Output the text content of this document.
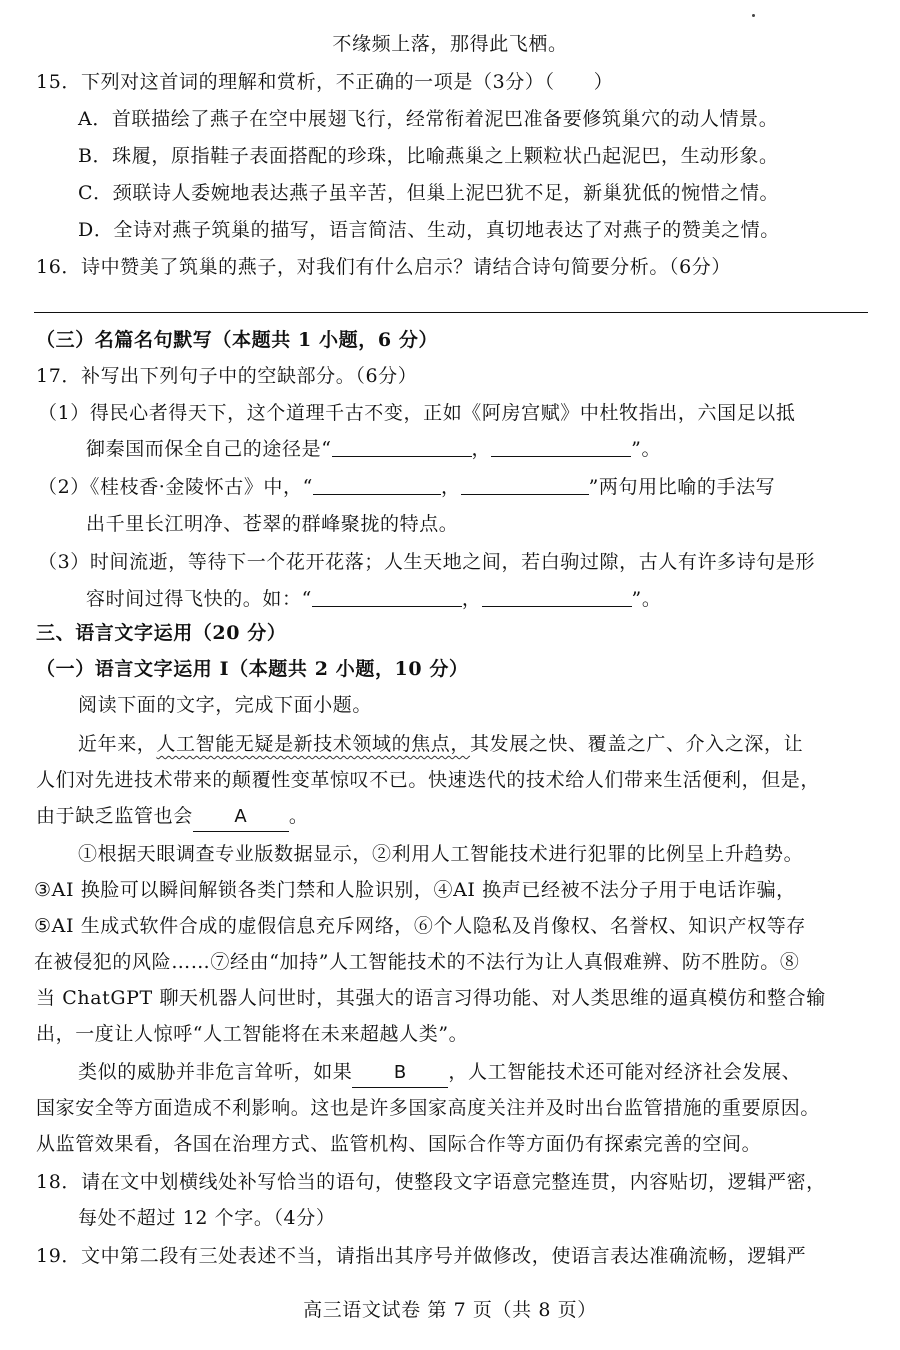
不缘频上落，那得此飞栖。
15．下列对这首词的理解和赏析，不正确的一项是（3分）（　　）
A．首联描绘了燕子在空中展翅飞行，经常衔着泥巴准备要修筑巢穴的动人情景。
B．珠履，原指鞋子表面搭配的珍珠，比喻燕巢之上颗粒状凸起泥巴，生动形象。
C．颈联诗人委婉地表达燕子虽辛苦，但巢上泥巴犹不足，新巢犹低的惋惜之情。
D．全诗对燕子筑巢的描写，语言简洁、生动，真切地表达了对燕子的赞美之情。
16．诗中赞美了筑巢的燕子，对我们有什么启示？请结合诗句简要分析。（6分）
（三）名篇名句默写（本题共 1 小题，6 分）
17．补写出下列句子中的空缺部分。（6分）
（1）得民心者得天下，这个道理千古不变，正如《阿房宫赋》中杜牧指出，六国足以抵
御秦国而保全自己的途径是“	，	”。
（2）《桂枝香·金陵怀古》中，“	，	”两句用比喻的手法写
出千里长江明净、苍翠的群峰聚拢的特点。
（3）时间流逝，等待下一个花开花落；人生天地之间，若白驹过隙，古人有许多诗句是形
容时间过得飞快的。如：“	，	”。
三、语言文字运用（20 分）
（一）语言文字运用 I（本题共 2 小题，10 分）
阅读下面的文字，完成下面小题。
近年来，人工智能无疑是新技术领域的焦点，其发展之快、覆盖之广、介入之深，让
人们对先进技术带来的颠覆性变革惊叹不已。快速迭代的技术给人们带来生活便利，但是，
由于缺乏监管也会 A 。
①根据天眼调查专业版数据显示，②利用人工智能技术进行犯罪的比例呈上升趋势。
③AI 换脸可以瞬间解锁各类门禁和人脸识别，④AI 换声已经被不法分子用于电话诈骗，
⑤AI 生成式软件合成的虚假信息充斥网络，⑥个人隐私及肖像权、名誉权、知识产权等存
在被侵犯的风险……⑦经由“加持”人工智能技术的不法行为让人真假难辨、防不胜防。⑧
当 ChatGPT 聊天机器人问世时，其强大的语言习得功能、对人类思维的逼真模仿和整合输
出，一度让人惊呼“人工智能将在未来超越人类”。
类似的威胁并非危言耸听，如果 B ，人工智能技术还可能对经济社会发展、
国家安全等方面造成不利影响。这也是许多国家高度关注并及时出台监管措施的重要原因。
从监管效果看，各国在治理方式、监管机构、国际合作等方面仍有探索完善的空间。
18．请在文中划横线处补写恰当的语句，使整段文字语意完整连贯，内容贴切，逻辑严密，
每处不超过 12 个字。（4分）
19．文中第二段有三处表述不当，请指出其序号并做修改，使语言表达准确流畅，逻辑严
高三语文试卷 第 7 页（共 8 页）
